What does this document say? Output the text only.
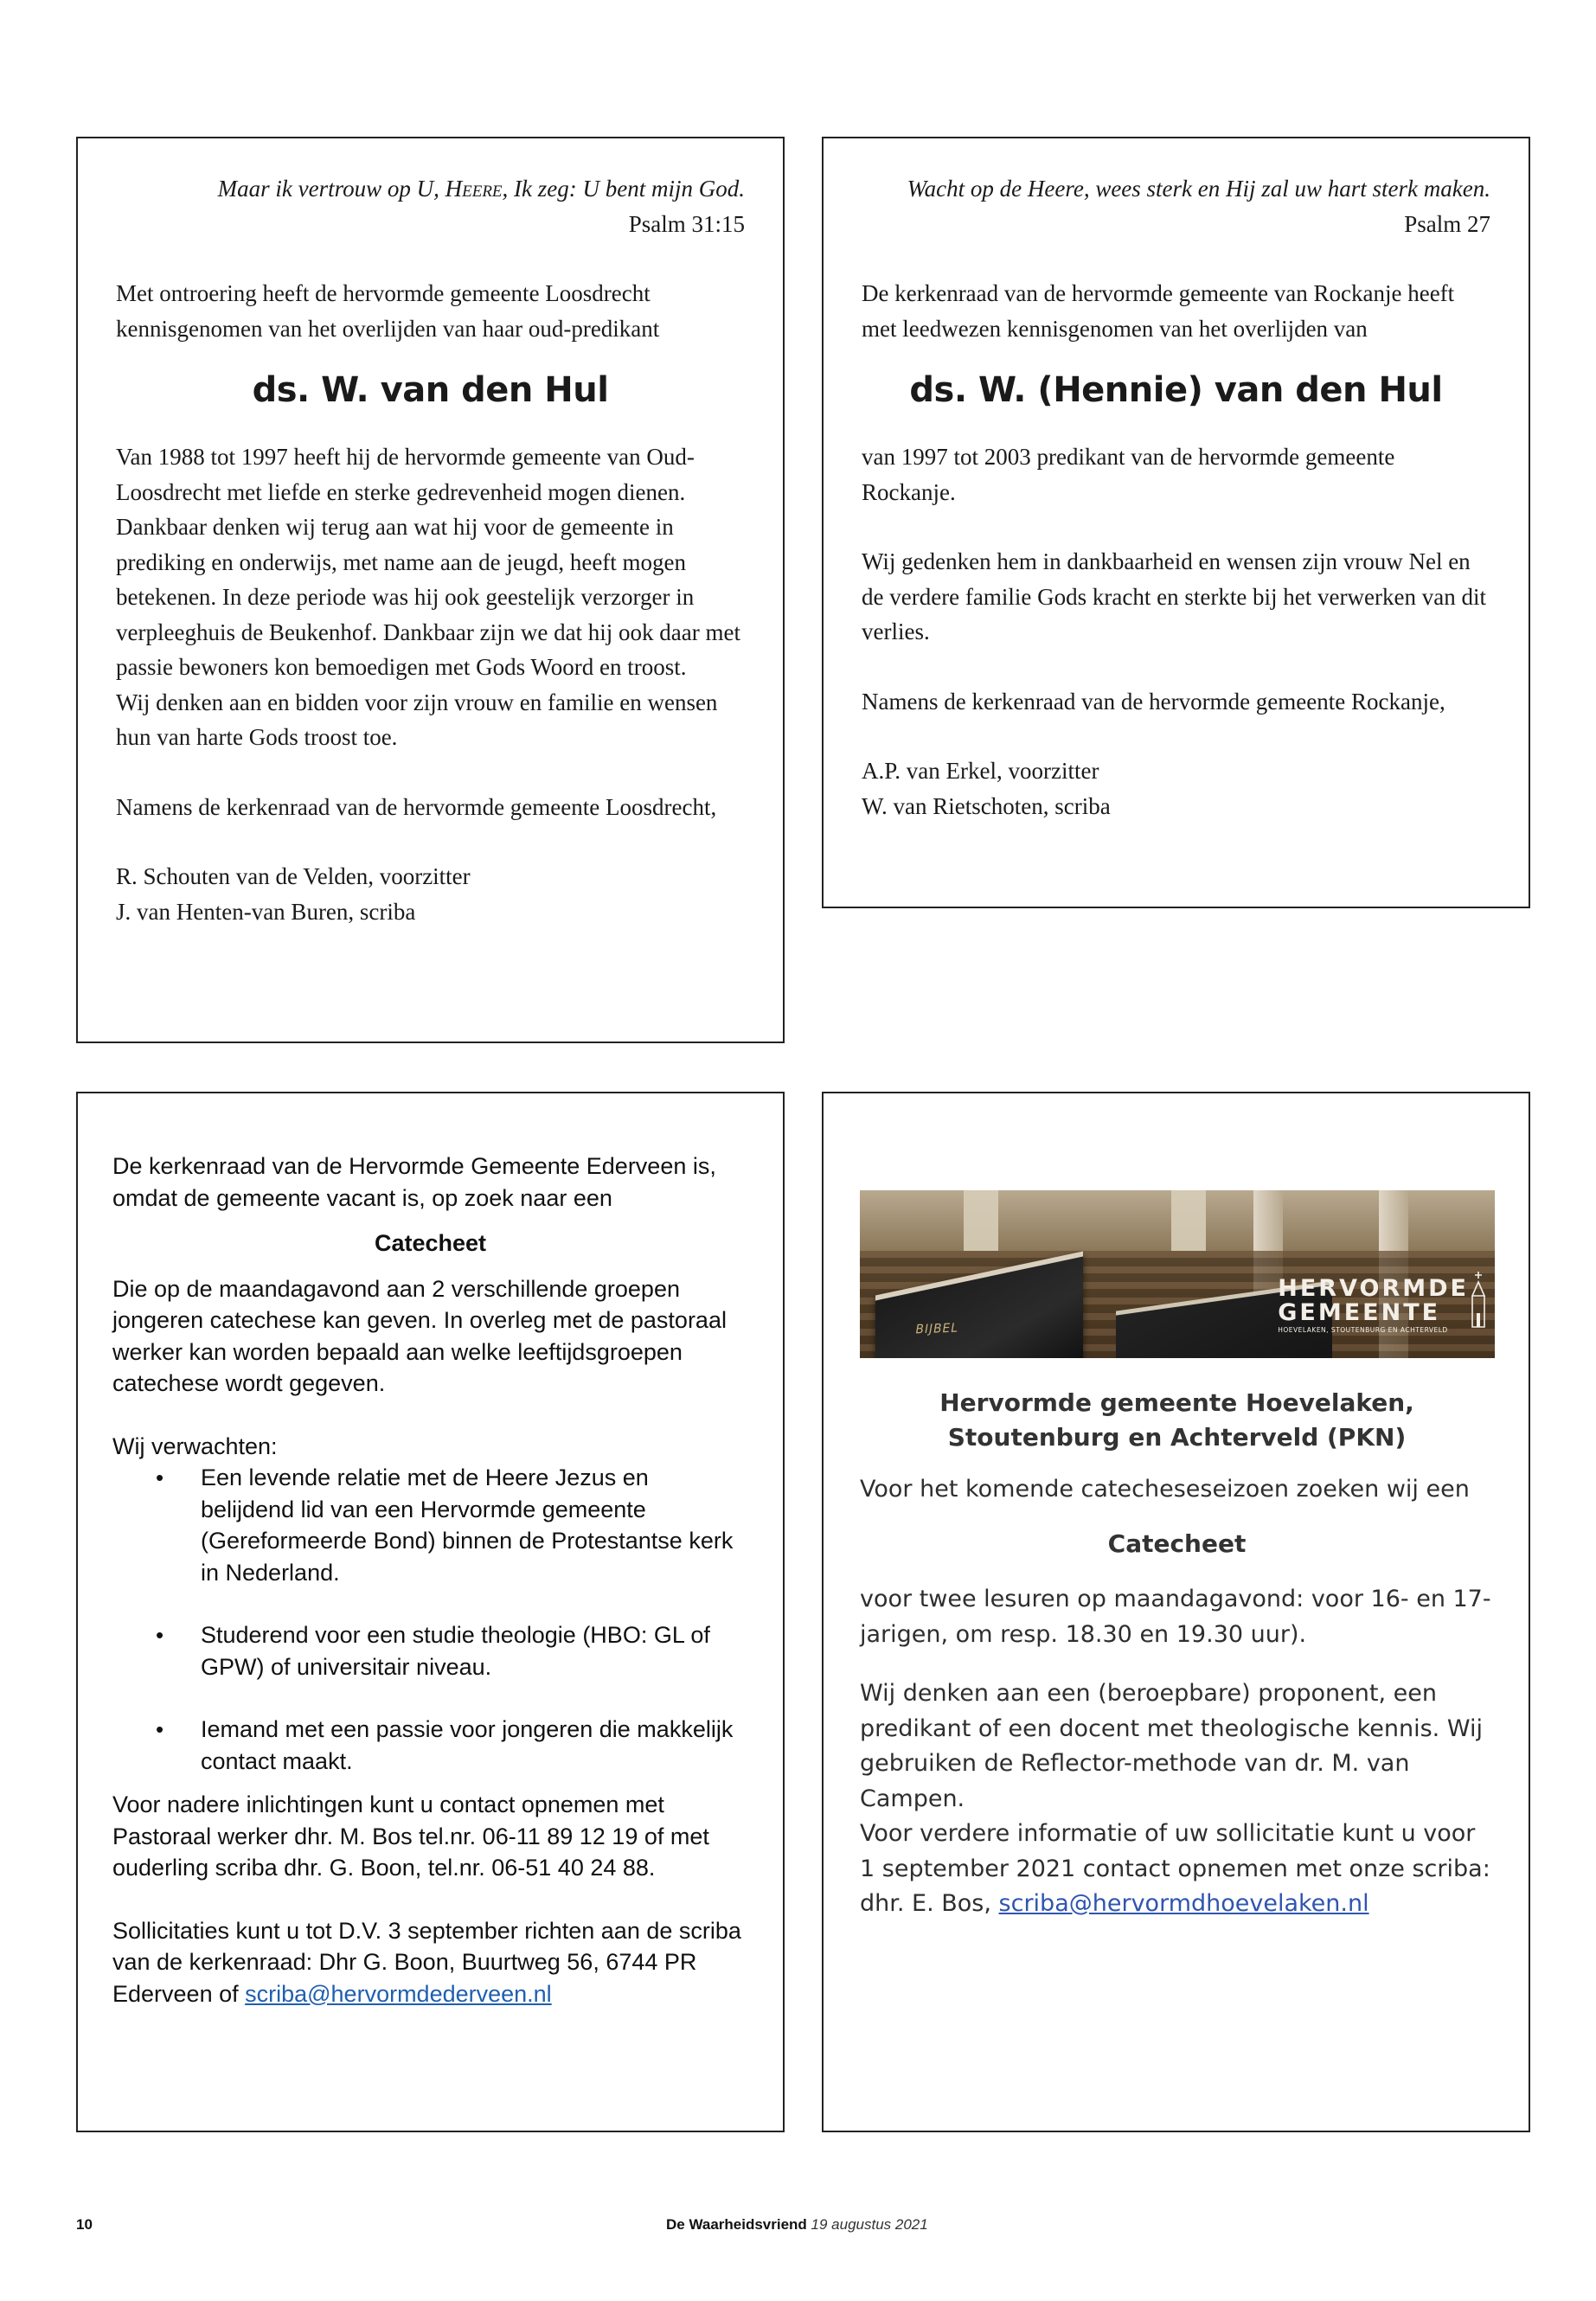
Maar ik vertrouw op U, Heere, Ik zeg: U bent mijn God.

Psalm 31:15

Met ontroering heeft de hervormde gemeente Loosdrecht kennisgenomen van het overlijden van haar oud-predikant

ds. W. van den Hul

Van 1988 tot 1997 heeft hij de hervormde gemeente van Oud-Loosdrecht met liefde en sterke gedrevenheid mogen dienen. Dankbaar denken wij terug aan wat hij voor de gemeente in prediking en onderwijs, met name aan de jeugd, heeft mogen betekenen. In deze periode was hij ook geestelijk verzorger in verpleeghuis de Beukenhof. Dankbaar zijn we dat hij ook daar met passie bewoners kon bemoedigen met Gods Woord en troost.

Wij denken aan en bidden voor zijn vrouw en familie en wensen hun van harte Gods troost toe.

Namens de kerkenraad van de hervormde gemeente Loosdrecht,

R. Schouten van de Velden, voorzitter

J. van Henten-van Buren, scriba

Wacht op de Heere, wees sterk en Hij zal uw hart sterk maken.

Psalm 27

De kerkenraad van de hervormde gemeente van Rockanje heeft met leedwezen kennisgenomen van het overlijden van

ds. W. (Hennie) van den Hul

van 1997 tot 2003 predikant van de hervormde gemeente Rockanje.

Wij gedenken hem in dankbaarheid en wensen zijn vrouw Nel en de verdere familie Gods kracht en sterkte bij het verwerken van dit verlies.

Namens de kerkenraad van de hervormde gemeente Rockanje,

A.P. van Erkel, voorzitter

W. van Rietschoten, scriba

De kerkenraad van de Hervormde Gemeente Ederveen is, omdat de gemeente vacant is, op zoek naar een

Catecheet

Die op de maandagavond aan 2 verschillende groepen jongeren catechese kan geven. In overleg met de pastoraal werker kan worden bepaald aan welke leeftijdsgroepen catechese wordt gegeven.

Wij verwachten:

• Een levende relatie met de Heere Jezus en belijdend lid van een Hervormde gemeente (Gereformeerde Bond) binnen de Protestantse kerk in Nederland.
• Studerend voor een studie theologie (HBO: GL of GPW) of universitair niveau.
• Iemand met een passie voor jongeren die makkelijk contact maakt.

Voor nadere inlichtingen kunt u contact opnemen met Pastoraal werker dhr. M. Bos tel.nr. 06-11 89 12 19 of met ouderling scriba dhr. G. Boon, tel.nr. 06-51 40 24 88.

Sollicitaties kunt u tot D.V. 3 september richten aan de scriba van de kerkenraad: Dhr G. Boon, Buurtweg 56, 6744 PR Ederveen of scriba@hervormdederveen.nl

BIJBEL
HERVORMDE
GEMEENTE
HOEVELAKEN, STOUTENBURG EN ACHTERVELD

Hervormde gemeente Hoevelaken,

Stoutenburg en Achterveld (PKN)

Voor het komende catecheseseizoen zoeken wij een

Catecheet

voor twee lesuren op maandagavond: voor 16- en 17-jarigen, om resp. 18.30 en 19.30 uur).

Wij denken aan een (beroepbare) proponent, een predikant of een docent met theologische kennis. Wij gebruiken de Reflector-methode van dr. M. van Campen.

Voor verdere informatie of uw sollicitatie kunt u voor 1 september 2021 contact opnemen met onze scriba: dhr. E. Bos, scriba@hervormdhoevelaken.nl

10	De Waarheidsvriend 19 augustus 2021
